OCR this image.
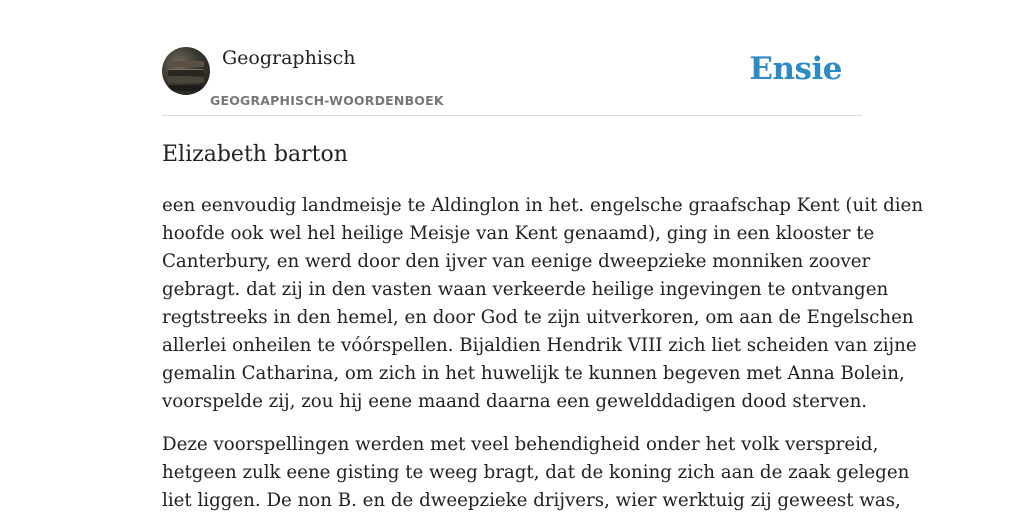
Geographisch
GEOGRAPHISCH-WOORDENBOEK
Ensie
Elizabeth barton
een eenvoudig landmeisje te Aldinglon in het. engelsche graafschap Kent (uit dien
hoofde ook wel hel heilige Meisje van Kent genaamd), ging in een klooster te
Canterbury, en werd door den ijver van eenige dweepzieke monniken zoover
gebragt. dat zij in den vasten waan verkeerde heilige ingevingen te ontvangen
regtstreeks in den hemel, en door God te zijn uitverkoren, om aan de Engelschen
allerlei onheilen te vóórspellen. Bijaldien Hendrik VIII zich liet scheiden van zijne
gemalin Catharina, om zich in het huwelijk te kunnen begeven met Anna Bolein,
voorspelde zij, zou hij eene maand daarna een gewelddadigen dood sterven.
Deze voorspellingen werden met veel behendigheid onder het volk verspreid,
hetgeen zulk eene gisting te weeg bragt, dat de koning zich aan de zaak gelegen
liet liggen. De non B. en de dweepzieke drijvers, wier werktuig zij geweest was,
